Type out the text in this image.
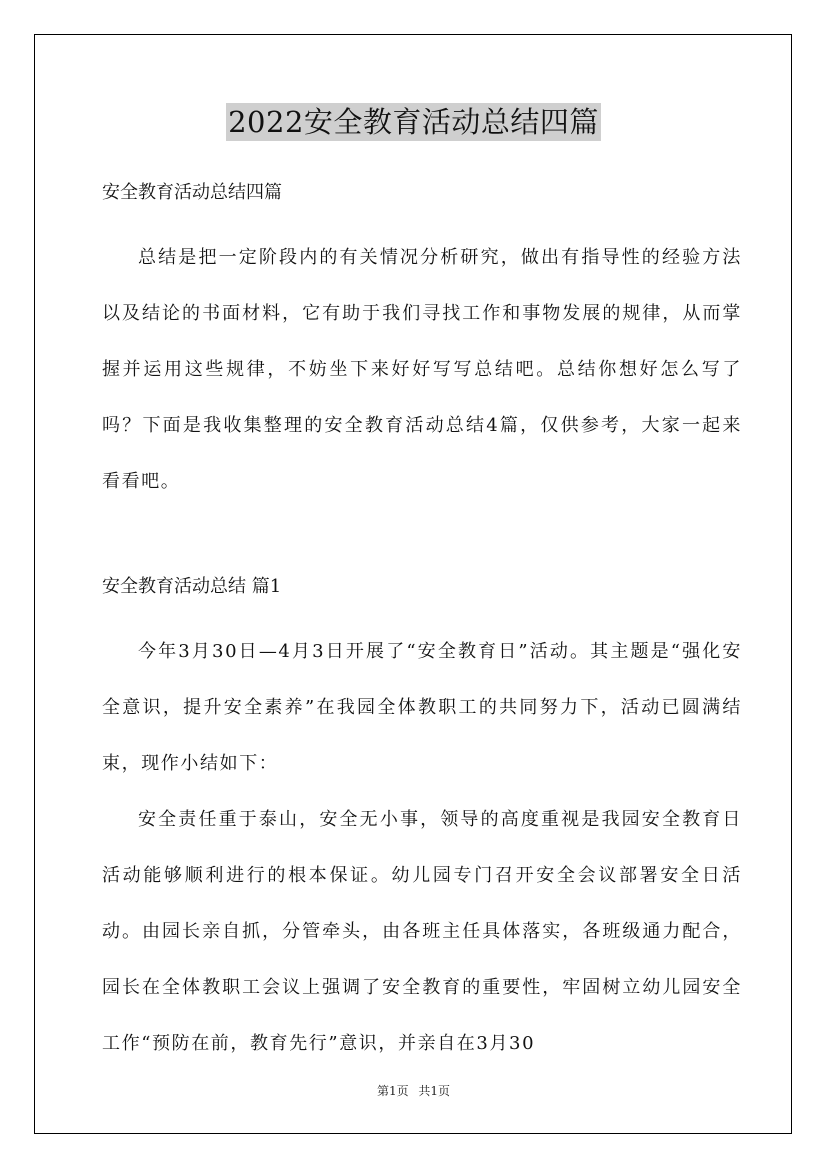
2022安全教育活动总结四篇

安全教育活动总结四篇

总结是把一定阶段内的有关情况分析研究，做出有指导性的经验方法以及结论的书面材料，它有助于我们寻找工作和事物发展的规律，从而掌握并运用这些规律，不妨坐下来好好写写总结吧。总结你想好怎么写了吗？下面是我收集整理的安全教育活动总结4篇，仅供参考，大家一起来看看吧。

安全教育活动总结 篇1

今年3月30日—4月3日开展了“安全教育日”活动。其主题是“强化安全意识，提升安全素养”在我园全体教职工的共同努力下，活动已圆满结束，现作小结如下：

安全责任重于泰山，安全无小事，领导的高度重视是我园安全教育日活动能够顺利进行的根本保证。幼儿园专门召开安全会议部署安全日活动。由园长亲自抓，分管牵头，由各班主任具体落实，各班级通力配合，园长在全体教职工会议上强调了安全教育的重要性，牢固树立幼儿园安全工作“预防在前，教育先行”意识，并亲自在3月30

第1页 共1页
